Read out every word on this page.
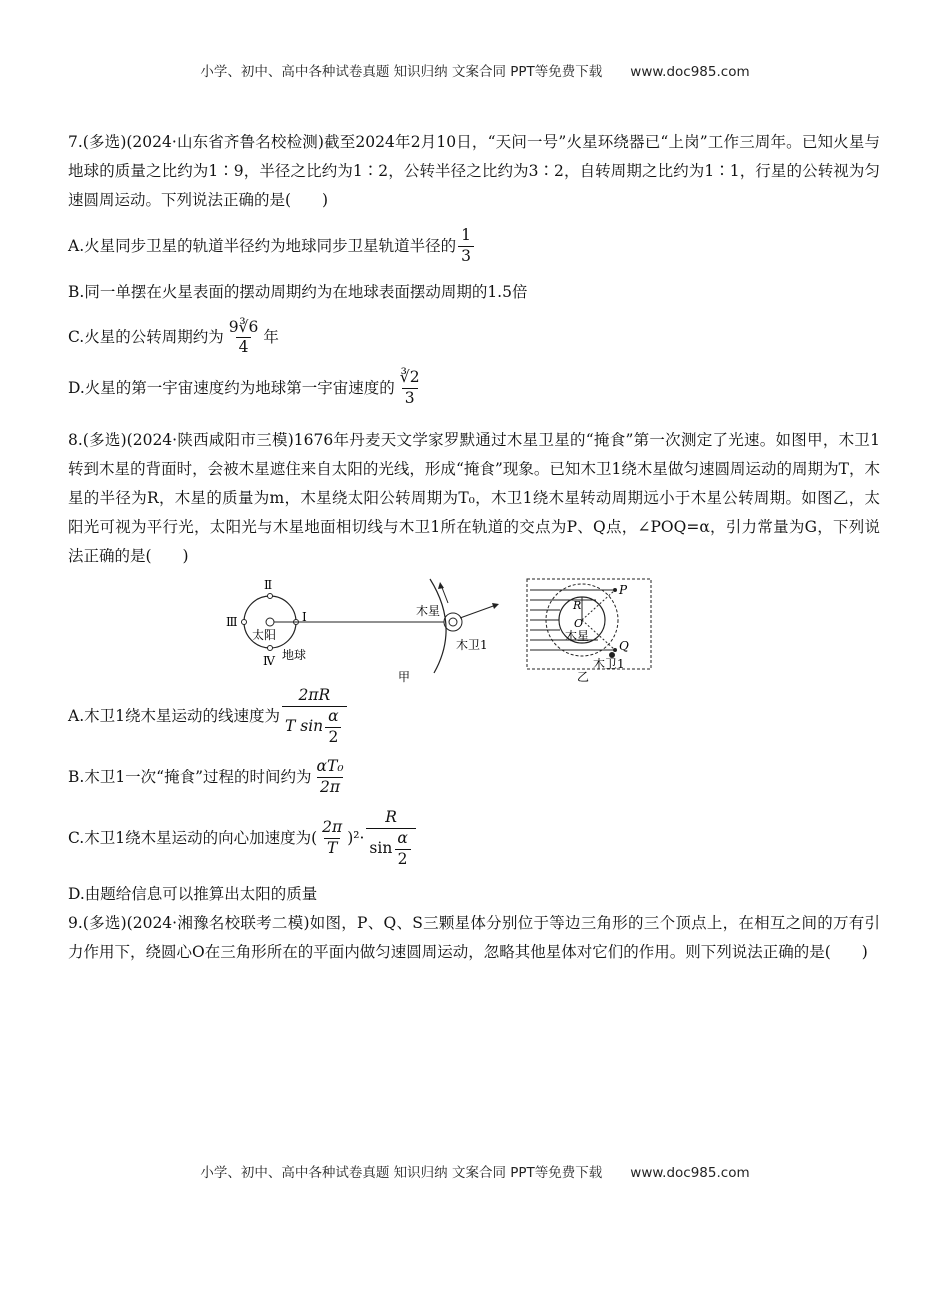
小学、初中、高中各种试卷真题 知识归纳 文案合同 PPT等免费下载 www.doc985.com
7.(多选)(2024·山东省齐鲁名校检测)截至2024年2月10日，“天问一号”火星环绕器已“上岗”工作三周年。已知火星与地球的质量之比约为1∶9，半径之比约为1∶2，公转半径之比约为3∶2，自转周期之比约为1∶1，行星的公转视为匀速圆周运动。下列说法正确的是(　　)
A.火星同步卫星的轨道半径约为地球同步卫星轨道半径的 $\frac{1}{3}$
B.同一单摆在火星表面的摆动周期约为在地球表面摆动周期的1.5倍
C.火星的公转周期约为 $\frac{9∛6}{4}$ 年
D.火星的第一宇宙速度约为地球第一宇宙速度的 $\frac{∛2}{3}$
8.(多选)(2024·陕西咸阳市三模)1676年丹麦天文学家罗默通过木星卫星的“掩食”第一次测定了光速。如图甲，木卫1转到木星的背面时，会被木星遮住来自太阳的光线，形成“掩食”现象。已知木卫1绕木星做匀速圆周运动的周期为T，木星的半径为R，木星的质量为m，木星绕太阳公转周期为T₀，木卫1绕木星转动周期远小于木星公转周期。如图乙，太阳光可视为平行光，太阳光与木星地面相切线与木卫1所在轨道的交点为P、Q点，∠POQ=α，引力常量为G，下列说法正确的是(　　)
Ⅱ
Ⅲ	Ⅰ
Ⅳ
太阳
地球
木星
木卫1
甲
P
R
O
木星
Q
木卫1
乙
A.木卫1绕木星运动的线速度为 $\frac{2\pi R}{T \sin \frac{\alpha}{2}}$
B.木卫1一次“掩食”过程的时间约为 $\frac{\text{αT₀}}{2\pi}$
C.木卫1绕木星运动的向心加速度为( $\frac{2\pi}{T} )^2\cdot \frac{R}{\sin \frac{\alpha}{2}}$
D.由题给信息可以推算出太阳的质量
9.(多选)(2024·湘豫名校联考二模)如图，P、Q、S三颗星体分别位于等边三角形的三个顶点上，在相互之间的万有引力作用下，绕圆心O在三角形所在的平面内做匀速圆周运动，忽略其他星体对它们的作用。则下列说法正确的是(　　)
小学、初中、高中各种试卷真题 知识归纳 文案合同 PPT等免费下载 www.doc985.com
